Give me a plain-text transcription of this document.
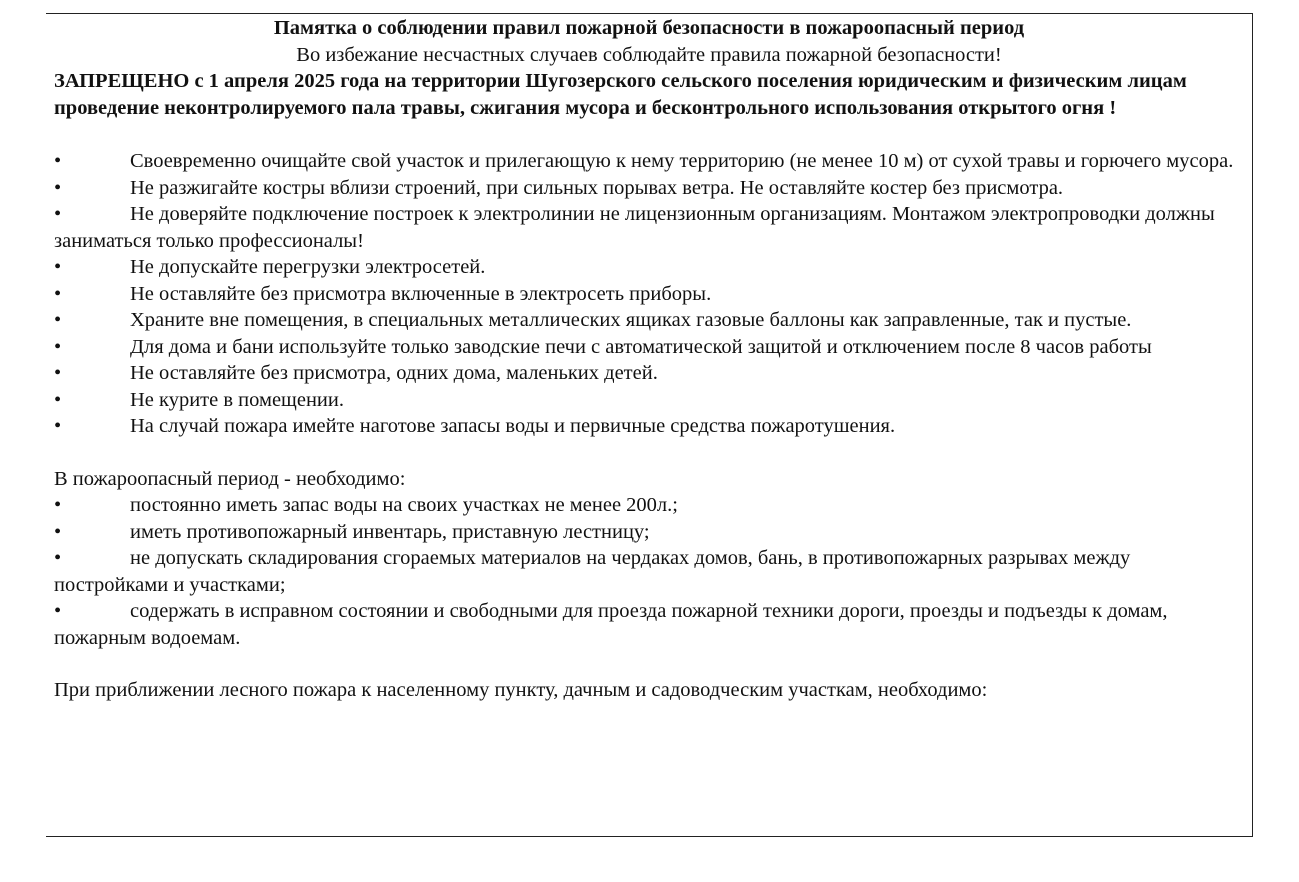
Памятка о соблюдении правил пожарной безопасности в пожароопасный период

Во избежание несчастных случаев соблюдайте правила пожарной безопасности!

ЗАПРЕЩЕНО с 1 апреля 2025 года на территории Шугозерского сельского поселения юридическим и физическим лицам проведение неконтролируемого пала травы, сжигания мусора и бесконтрольного использования открытого огня !

•	Своевременно очищайте свой участок и прилегающую к нему территорию (не менее 10 м) от сухой травы и горючего мусора.
•	Не разжигайте костры вблизи строений, при сильных порывах ветра. Не оставляйте костер без присмотра.
•	Не доверяйте подключение построек к электролинии не лицензионным организациям. Монтажом электропроводки должны заниматься только профессионалы!
•	Не допускайте перегрузки электросетей.
•	Не оставляйте без присмотра включенные в электросеть приборы.
•	Храните вне помещения, в специальных металлических ящиках газовые баллоны как заправленные, так и пустые.
•	Для дома и бани используйте только заводские печи с автоматической защитой и отключением после 8 часов работы
•	Не оставляйте без присмотра, одних дома, маленьких детей.
•	Не курите в помещении.
•	На случай пожара имейте наготове запасы воды и первичные средства пожаротушения.

В пожароопасный период - необходимо:

•	постоянно иметь запас воды на своих участках не менее 200л.;
•	иметь противопожарный инвентарь, приставную лестницу;
•	не допускать складирования сгораемых материалов на чердаках домов, бань, в противопожарных разрывах между постройками и участками;
•	содержать в исправном состоянии и свободными для проезда пожарной техники дороги, проезды и подъезды к домам, пожарным водоемам.

При приближении лесного пожара к населенному пункту, дачным и садоводческим участкам, необходимо:
